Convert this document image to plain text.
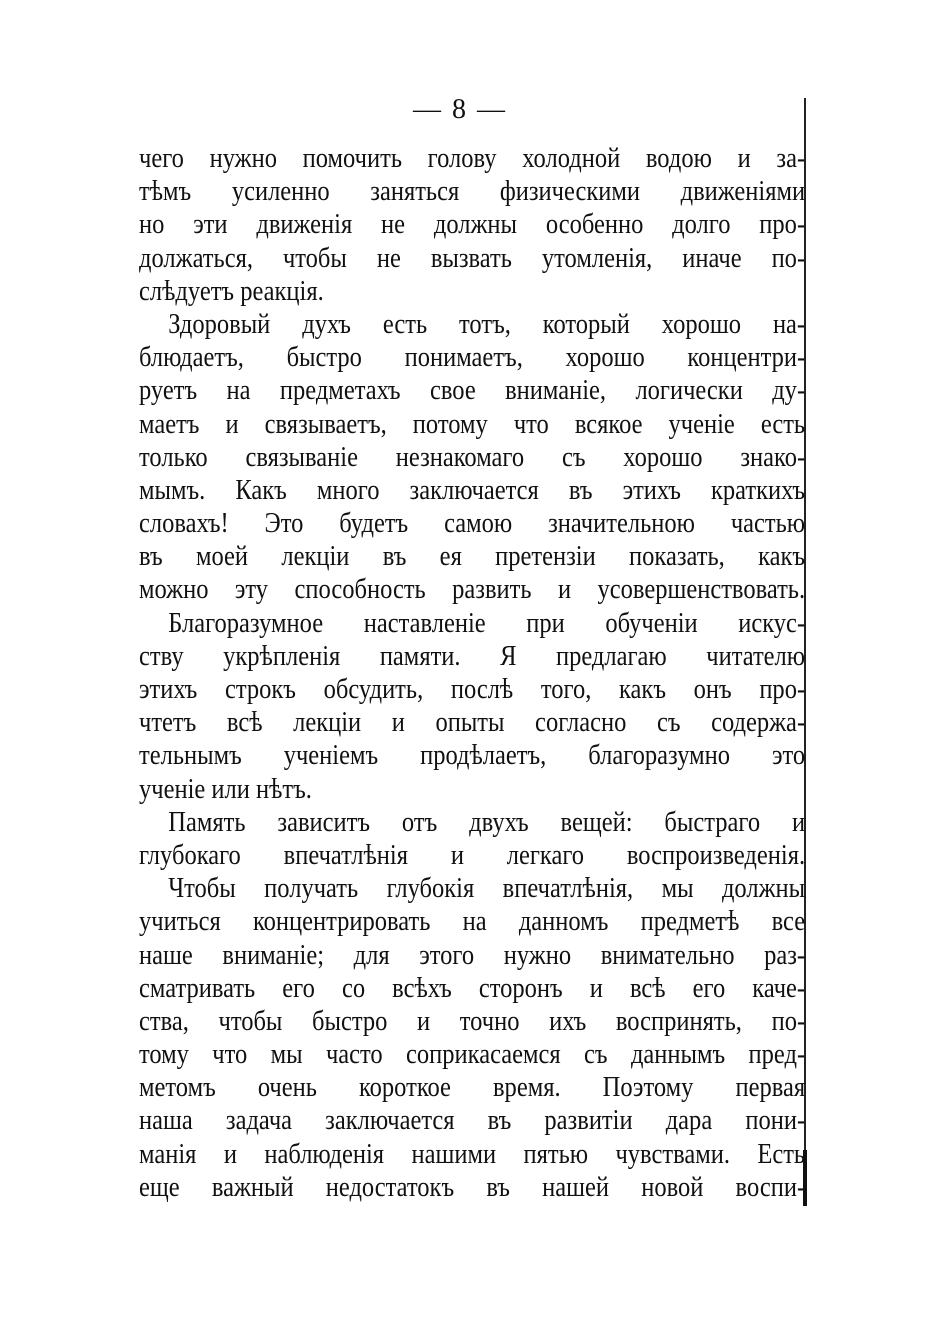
— 8 —
чего нужно помочить голову холодной водою и за-
тѣмъ усиленно заняться физическими движеніями
но эти движенія не должны особенно долго про-
должаться, чтобы не вызвать утомленія, иначе по-
слѣдуетъ реакція.
Здоровый духъ есть тотъ, который хорошо на-
блюдаетъ, быстро понимаетъ, хорошо концентри-
руетъ на предметахъ свое вниманіе, логически ду-
маетъ и связываетъ, потому что всякое ученіе есть
только связываніе незнакомаго съ хорошо знако-
мымъ. Какъ много заключается въ этихъ краткихъ
словахъ! Это будетъ самою значительною частью
въ моей лекціи въ ея претензіи показать, какъ
можно эту способность развить и усовершенствовать.
Благоразумное наставленіе при обученіи искус-
ству укрѣпленія памяти. Я предлагаю читателю
этихъ строкъ обсудить, послѣ того, какъ онъ про-
чтетъ всѣ лекціи и опыты согласно съ содержа-
тельнымъ ученіемъ продѣлаетъ, благоразумно это
ученіе или нѣтъ.
Память зависитъ отъ двухъ вещей: быстраго и
глубокаго впечатлѣнія и легкаго воспроизведенія.
Чтобы получать глубокія впечатлѣнія, мы должны
учиться концентрировать на данномъ предметѣ все
наше вниманіе; для этого нужно внимательно раз-
сматривать его со всѣхъ сторонъ и всѣ его каче-
ства, чтобы быстро и точно ихъ воспринять, по-
тому что мы часто соприкасаемся съ даннымъ пред-
метомъ очень короткое время. Поэтому первая
наша задача заключается въ развитіи дара пони-
манія и наблюденія нашими пятью чувствами. Есть
еще важный недостатокъ въ нашей новой воспи-
